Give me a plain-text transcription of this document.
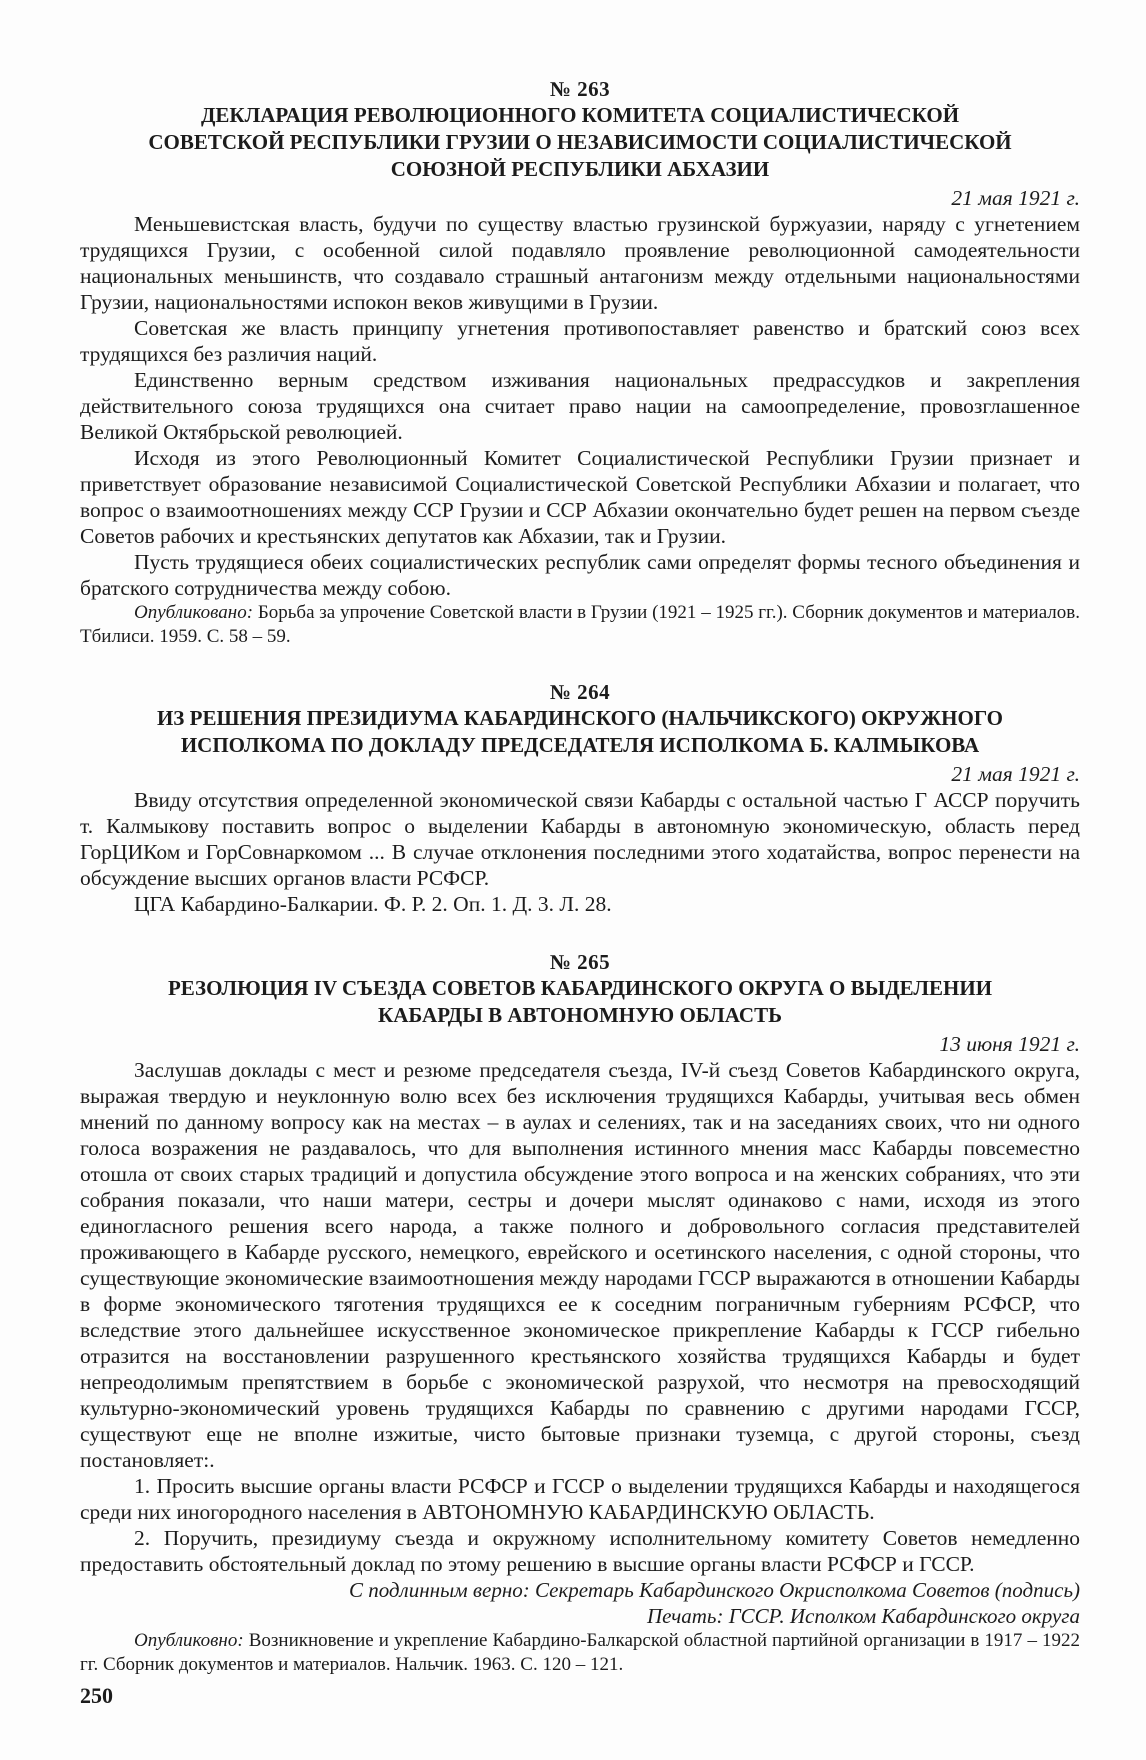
№ 263
ДЕКЛАРАЦИЯ РЕВОЛЮЦИОННОГО КОМИТЕТА СОЦИАЛИСТИЧЕСКОЙ СОВЕТСКОЙ РЕСПУБЛИКИ ГРУЗИИ О НЕЗАВИСИМОСТИ СОЦИАЛИСТИЧЕСКОЙ СОЮЗНОЙ РЕСПУБЛИКИ АБХАЗИИ
21 мая 1921 г.

Меньшевистская власть, будучи по существу властью грузинской буржуазии, наряду с угнетением трудящихся Грузии, с особенной силой подавляло проявление революционной самодеятельности национальных меньшинств, что создавало страшный антагонизм между отдельными национальностями Грузии, национальностями испокон веков живущими в Грузии.

Советская же власть принципу угнетения противопоставляет равенство и братский союз всех трудящихся без различия наций.

Единственно верным средством изживания национальных предрассудков и закрепления действительного союза трудящихся она считает право нации на самоопределение, провозглашенное Великой Октябрьской революцией.

Исходя из этого Революционный Комитет Социалистической Республики Грузии признает и приветствует образование независимой Социалистической Советской Республики Абхазии и полагает, что вопрос о взаимоотношениях между ССР Грузии и ССР Абхазии окончательно будет решен на первом съезде Советов рабочих и крестьянских депутатов как Абхазии, так и Грузии.

Пусть трудящиеся обеих социалистических республик сами определят формы тесного объединения и братского сотрудничества между собою.

Опубликовано: Борьба за упрочение Советской власти в Грузии (1921 – 1925 гг.). Сборник документов и материалов. Тбилиси. 1959. С. 58 – 59.

№ 264
ИЗ РЕШЕНИЯ ПРЕЗИДИУМА КАБАРДИНСКОГО (НАЛЬЧИКСКОГО) ОКРУЖНОГО ИСПОЛКОМА ПО ДОКЛАДУ ПРЕДСЕДАТЕЛЯ ИСПОЛКОМА Б. КАЛМЫКОВА
21 мая 1921 г.

Ввиду отсутствия определенной экономической связи Кабарды с остальной частью Г АССР поручить т. Калмыкову поставить вопрос о выделении Кабарды в автономную экономическую, область перед ГорЦИКом и ГорСовнаркомом ... В случае отклонения последними этого ходатайства, вопрос перенести на обсуждение высших органов власти РСФСР.

ЦГА Кабардино-Балкарии. Ф. Р. 2. Оп. 1. Д. 3. Л. 28.

№ 265
РЕЗОЛЮЦИЯ IV СЪЕЗДА СОВЕТОВ КАБАРДИНСКОГО ОКРУГА О ВЫДЕЛЕНИИ КАБАРДЫ В АВТОНОМНУЮ ОБЛАСТЬ
13 июня 1921 г.

Заслушав доклады с мест и резюме председателя съезда, IV-й съезд Советов Кабардинского округа, выражая твердую и неуклонную волю всех без исключения трудящихся Кабарды, учитывая весь обмен мнений по данному вопросу как на местах – в аулах и селениях, так и на заседаниях своих, что ни одного голоса возражения не раздавалось, что для выполнения истинного мнения масс Кабарды повсеместно отошла от своих старых традиций и допустила обсуждение этого вопроса и на женских собраниях, что эти собрания показали, что наши матери, сестры и дочери мыслят одинаково с нами, исходя из этого единогласного решения всего народа, а также полного и добровольного согласия представителей проживающего в Кабарде русского, немецкого, еврейского и осетинского населения, с одной стороны, что существующие экономические взаимоотношения между народами ГССР выражаются в отношении Кабарды в форме экономического тяготения трудящихся ее к соседним пограничным губерниям РСФСР, что вследствие этого дальнейшее искусственное экономическое прикрепление Кабарды к ГССР гибельно отразится на восстановлении разрушенного крестьянского хозяйства трудящихся Кабарды и будет непреодолимым препятствием в борьбе с экономической разрухой, что несмотря на превосходящий культурно-экономический уровень трудящихся Кабарды по сравнению с другими народами ГССР, существуют еще не вполне изжитые, чисто бытовые признаки туземца, с другой стороны, съезд постановляет:.

1. Просить высшие органы власти РСФСР и ГССР о выделении трудящихся Кабарды и находящегося среди них иногородного населения в АВТОНОМНУЮ КАБАРДИНСКУЮ ОБЛАСТЬ.

2. Поручить, президиуму съезда и окружному исполнительному комитету Советов немедленно предоставить обстоятельный доклад по этому решению в высшие органы власти РСФСР и ГССР.

С подлинным верно: Секретарь Кабардинского Окрисполкома Советов (подпись)

Печать: ГССР. Исполком Кабардинского округа

Опубликовно: Возникновение и укрепление Кабардино-Балкарской областной партийной организации в 1917 – 1922 гг. Сборник документов и материалов. Нальчик. 1963. С. 120 – 121.

250
